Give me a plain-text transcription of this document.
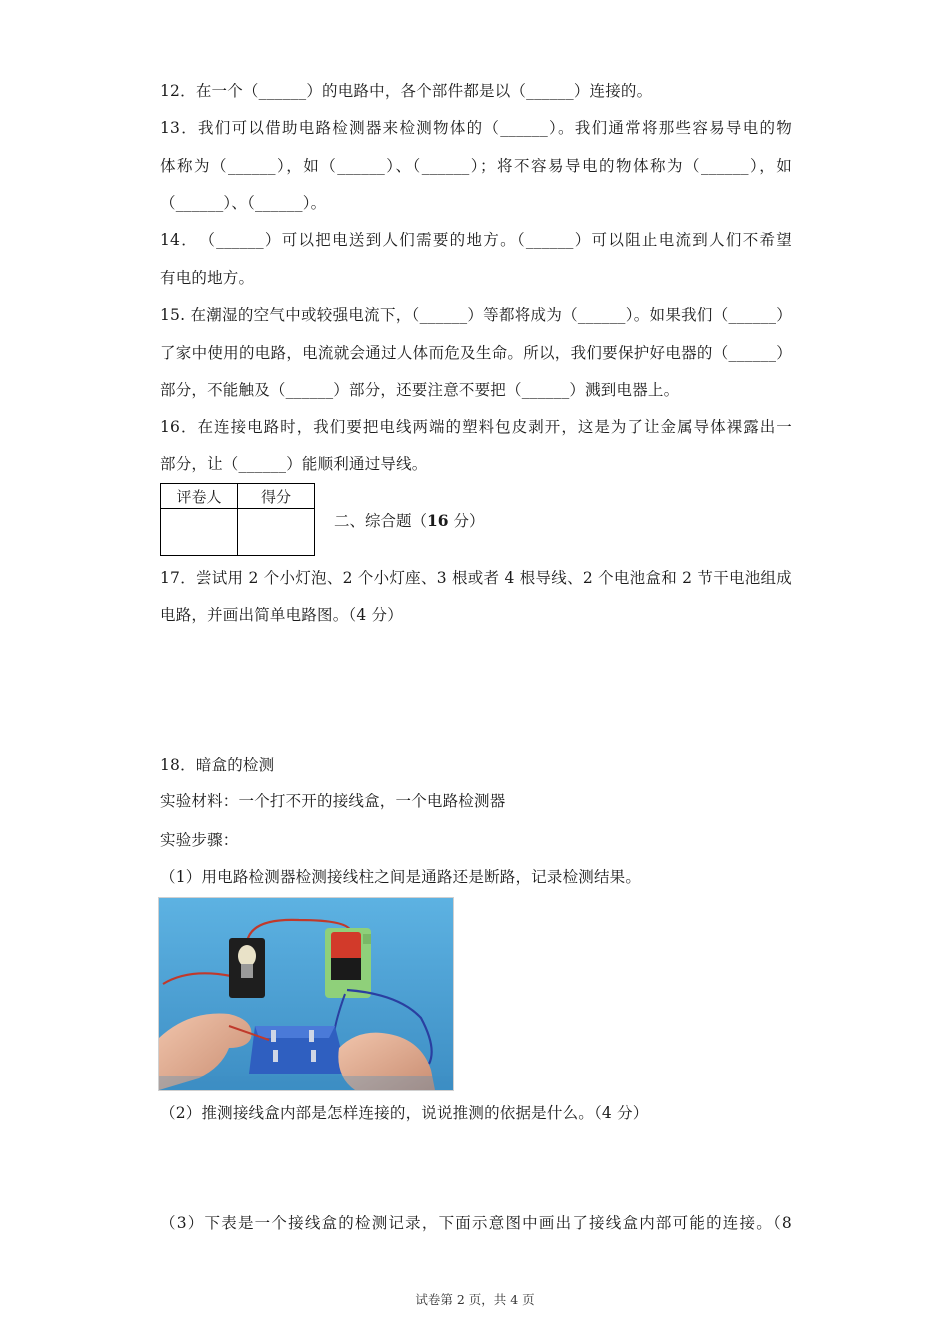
12．在一个（______）的电路中，各个部件都是以（______）连接的。
13．我们可以借助电路检测器来检测物体的（______）。我们通常将那些容易导电的物
体称为（______），如（______）、（______）；将不容易导电的物体称为（______），如
（______）、（______）。
14．　（______）可以把电送到人们需要的地方。（______）可以阻止电流到人们不希望
有电的地方。
15. 在潮湿的空气中或较强电流下，（______）等都将成为（______）。如果我们（______）
了家中使用的电路，电流就会通过人体而危及生命。所以，我们要保护好电器的（______）
部分，不能触及（______）部分，还要注意不要把（______）溅到电器上。
16．在连接电路时，我们要把电线两端的塑料包皮剥开，这是为了让金属导体裸露出一
部分，让（______）能顺利通过导线。
评卷人	得分

二、综合题（16 分）
17．尝试用 2 个小灯泡、2 个小灯座、3 根或者 4 根导线、2 个电池盒和 2 节干电池组成
电路，并画出简单电路图。（4 分）
18．暗盒的检测
实验材料：一个打不开的接线盒，一个电路检测器
实验步骤：
（1）用电路检测器检测接线柱之间是通路还是断路，记录检测结果。
（2）推测接线盒内部是怎样连接的，说说推测的依据是什么。（4 分）
（3）下表是一个接线盒的检测记录，下面示意图中画出了接线盒内部可能的连接。（8
试卷第 2 页，共 4 页
